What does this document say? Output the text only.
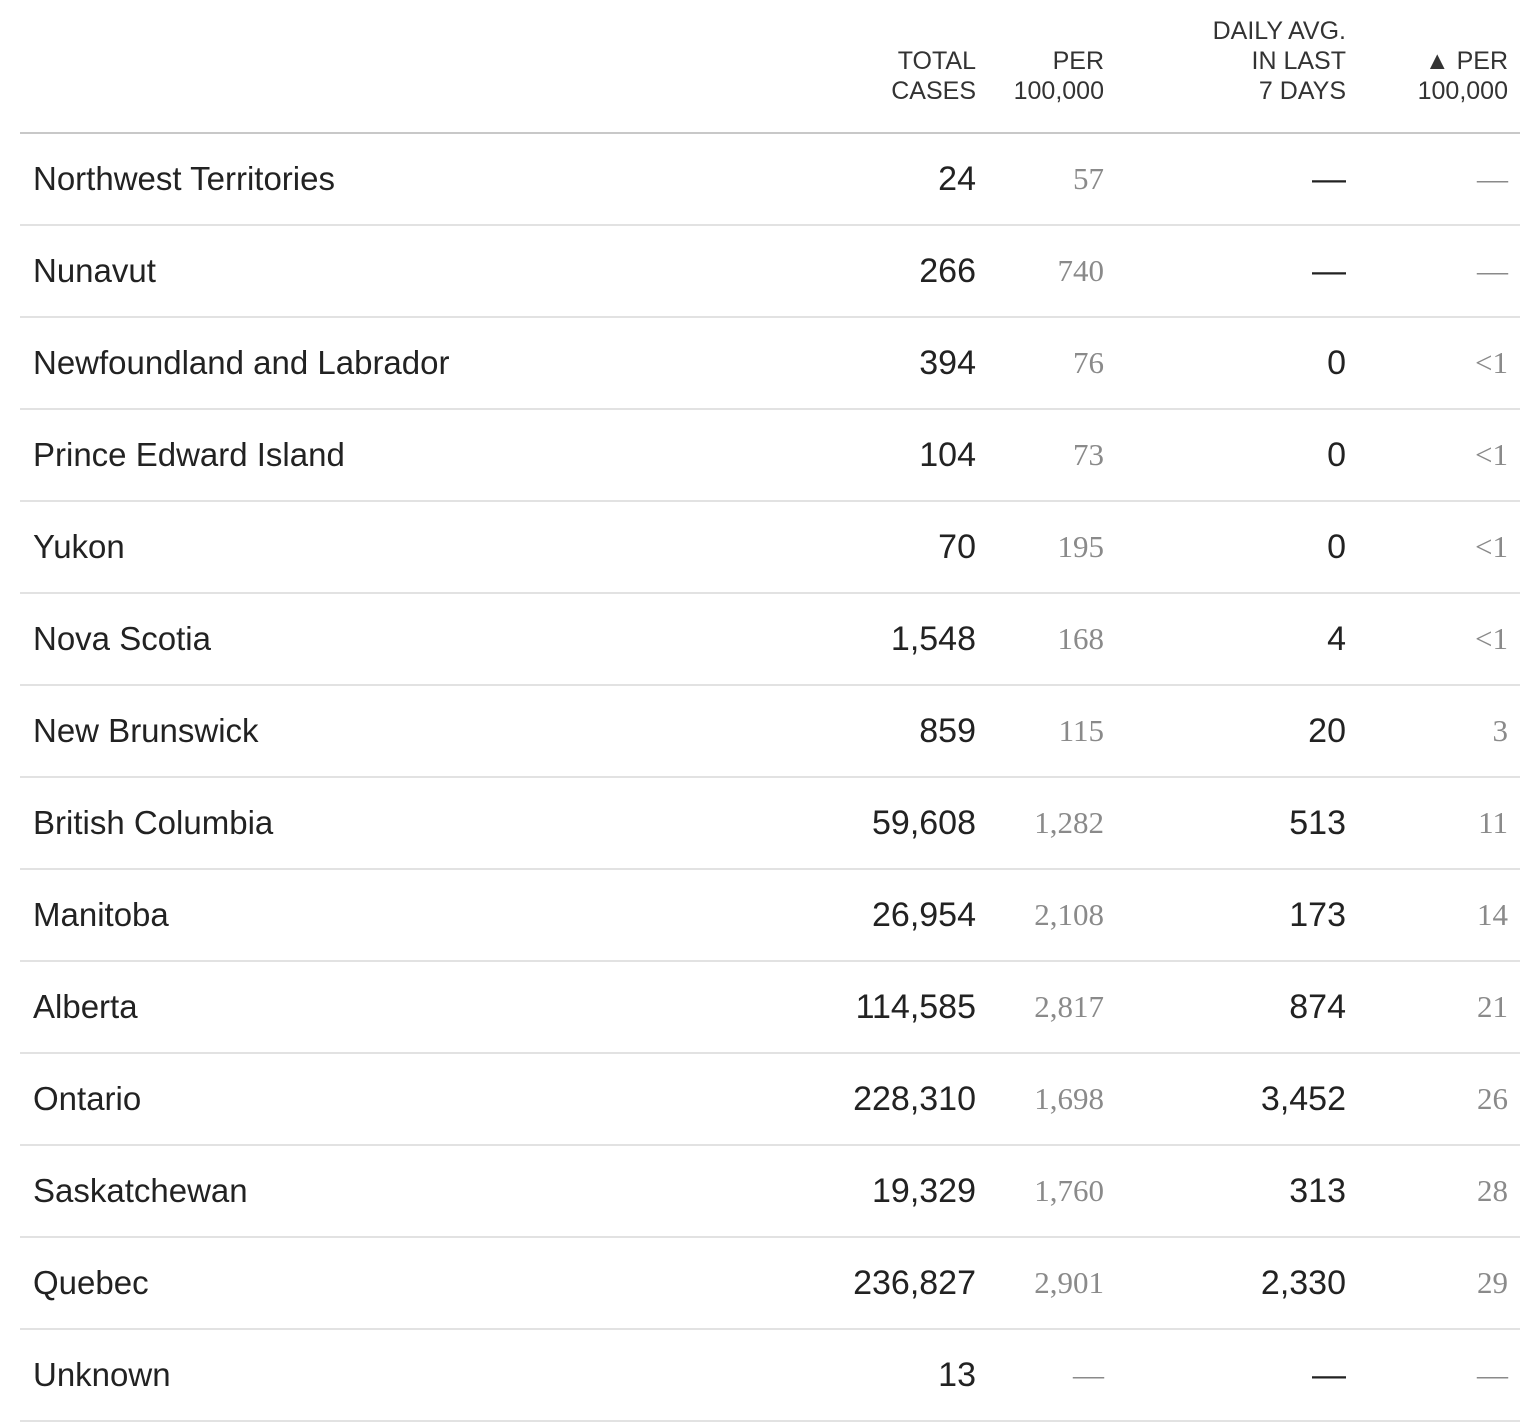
	TOTAL
CASES	PER
100,000	DAILY AVG.
IN LAST
7 DAYS	▲ PER
100,000

Northwest Territories	24	57	—	—
Nunavut	266	740	—	—
Newfoundland and Labrador	394	76	0	<1
Prince Edward Island	104	73	0	<1
Yukon	70	195	0	<1
Nova Scotia	1,548	168	4	<1
New Brunswick	859	115	20	3
British Columbia	59,608	1,282	513	11
Manitoba	26,954	2,108	173	14
Alberta	114,585	2,817	874	21
Ontario	228,310	1,698	3,452	26
Saskatchewan	19,329	1,760	313	28
Quebec	236,827	2,901	2,330	29
Unknown	13	—	—	—
